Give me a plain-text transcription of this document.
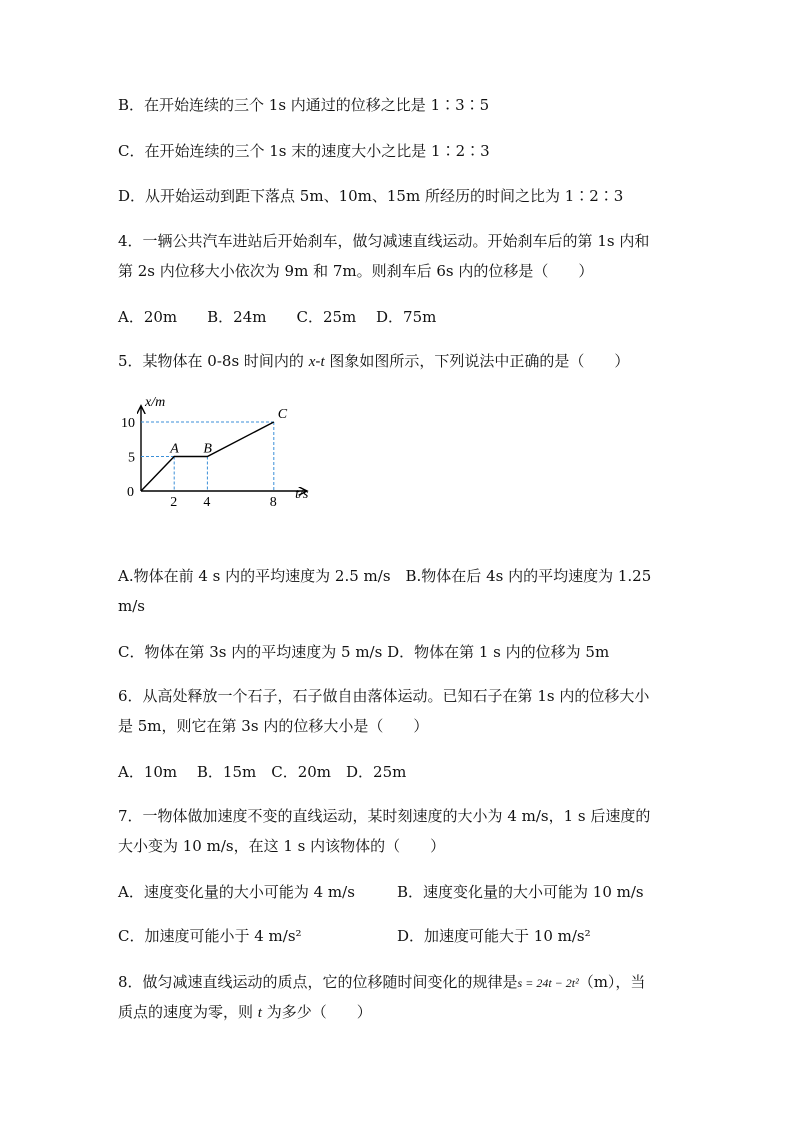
B．在开始连续的三个 1s 内通过的位移之比是 1∶3∶5
C．在开始连续的三个 1s 末的速度大小之比是 1∶2∶3
D．从开始运动到距下落点 5m、10m、15m 所经历的时间之比为 1∶2∶3
4．一辆公共汽车进站后开始刹车，做匀减速直线运动。开始刹车后的第 1s 内和
第 2s 内位移大小依次为 9m 和 7m。则刹车后 6s 内的位移是（　　）
A．20m　　B．24m　　C．25m　 D．75m
5．某物体在 0-8s 时间内的 x-t 图象如图所示，下列说法中正确的是（　　）
2 4	8
5
10
0	t/s
x/m
A B
C
A.物体在前 4 s 内的平均速度为 2.5 m/s　B.物体在后 4s 内的平均速度为 1.25
m/s
C．物体在第 3s 内的平均速度为 5 m/s D．物体在第 1 s 内的位移为 5m
6．从高处释放一个石子，石子做自由落体运动。已知石子在第 1s 内的位移大小
是 5m，则它在第 3s 内的位移大小是（　　）
A．10m　 B．15m　C．20m　D．25m
7．一物体做加速度不变的直线运动，某时刻速度的大小为 4 m/s，1 s 后速度的
大小变为 10 m/s，在这 1 s 内该物体的（　　）
A．速度变化量的大小可能为 4 m/s	B．速度变化量的大小可能为 10 m/s
C．加速度可能小于 4 m/s²	D．加速度可能大于 10 m/s²
8．做匀减速直线运动的质点，它的位移随时间变化的规律是s = 24t − 2t²（m），当
质点的速度为零，则 t 为多少（　　）
